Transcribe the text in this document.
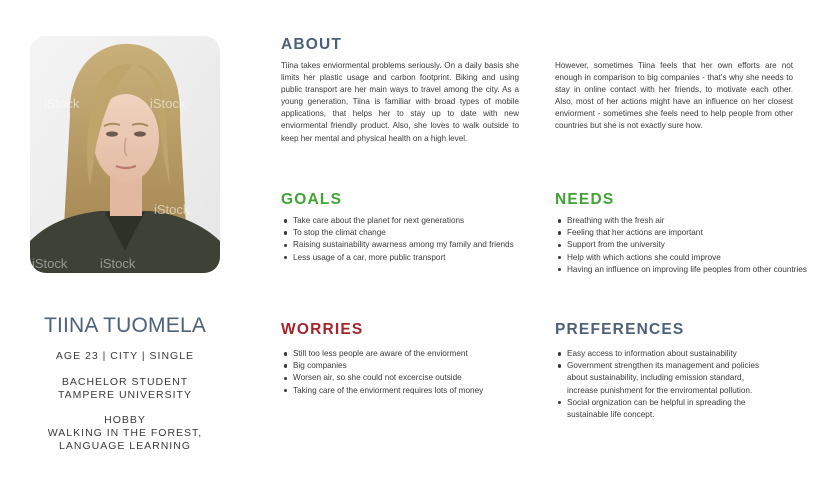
iStock	iStock
iStock
iStock	iStock
TIINA TUOMELA
AGE 23 | CITY | SINGLE
BACHELOR STUDENT
TAMPERE UNIVERSITY
HOBBY
WALKING IN THE FOREST,
LANGUAGE LEARNING
ABOUT
Tiina takes enviormental problems seriously. On a daily basis she limits her plastic usage and carbon footprint. Biking and using public transport are her main ways to travel among the city. As a young generation, Tiina is familiar with broad types of mobile applications, that helps her to stay up to date with new enviormental friendly product. Also, she loves to walk outside to keep her mental and physical health on a high level.
However, sometimes Tiina feels that her own efforts are not enough in comparison to big companies - that's why she needs to stay in online contact with her friends, to motivate each other. Also, most of her actions might have an influence on her closest enviorment - sometimes she feels need to help people from other countries but she is not exactly sure how.
GOALS
Take care about the planet for next generations
To stop the climat change
Raising sustainability awarness among my family and friends
Less usage of a car, more public transport
NEEDS
Breathing with the fresh air
Feeling that her actions are important
Support from the university
Help with which actions she could improve
Having an influence on improving life peoples from other countries
WORRIES
Still too less people are aware of the enviorment
Big companies
Worsen air, so she could not excercise outside
Taking care of the enviorment requires lots of money
PREFERENCES
Easy access to information about sustainability
Government strengthen its management and policies about sustainability, including emission standard，increase punishment for the enviromental pollution.
Social orgnization can be helpful in spreading the sustainable life concept.
